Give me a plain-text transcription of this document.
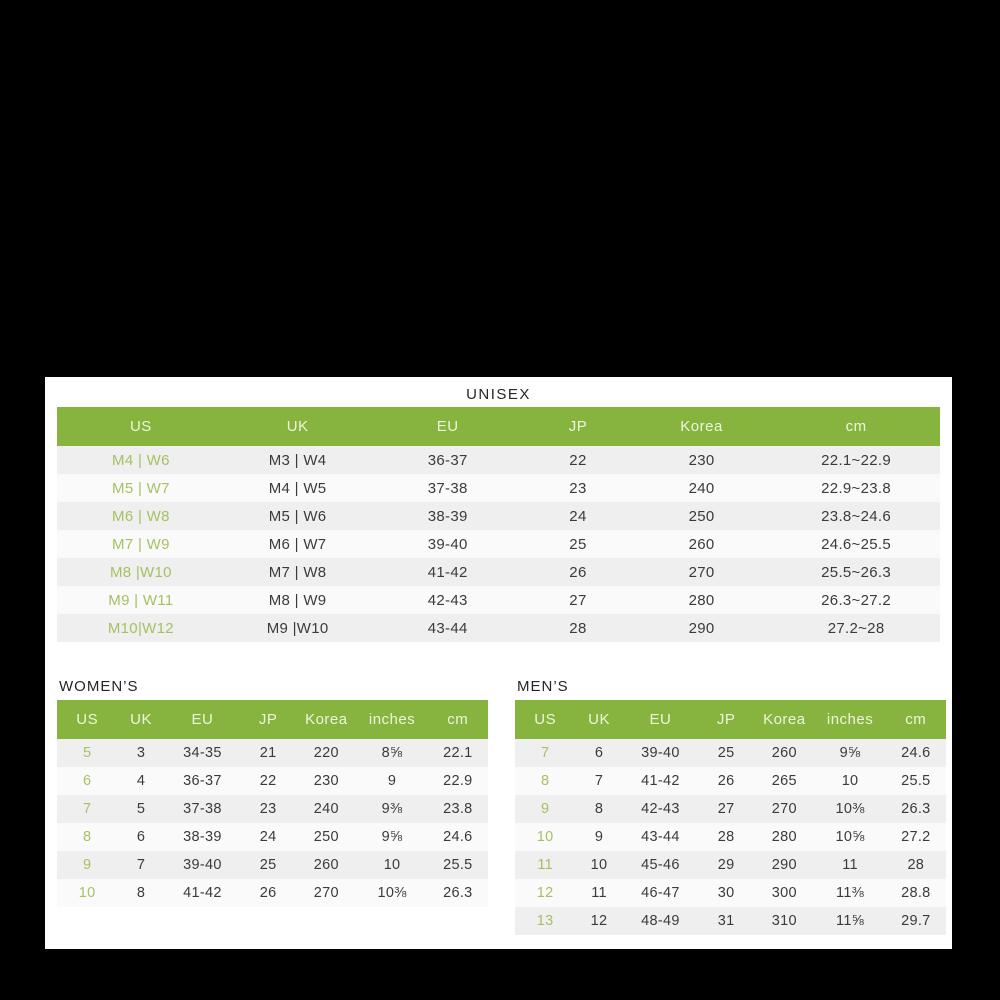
UNISEX
US	UK	EU	JP	Korea	cm
M4 | W6	M3 | W4	36-37	22	230	22.1~22.9
M5 | W7	M4 | W5	37-38	23	240	22.9~23.8
M6 | W8	M5 | W6	38-39	24	250	23.8~24.6
M7 | W9	M6 | W7	39-40	25	260	24.6~25.5
M8 |W10	M7 | W8	41-42	26	270	25.5~26.3
M9 | W11	M8 | W9	42-43	27	280	26.3~27.2
M10|W12	M9 |W10	43-44	28	290	27.2~28
WOMEN’S
US	UK	EU	JP	Korea	inches	cm
5	3	34-35	21	220	8⅝	22.1
6	4	36-37	22	230	9	22.9
7	5	37-38	23	240	9⅜	23.8
8	6	38-39	24	250	9⅝	24.6
9	7	39-40	25	260	10	25.5
10	8	41-42	26	270	10⅜	26.3
MEN’S
US	UK	EU	JP	Korea	inches	cm
7	6	39-40	25	260	9⅝	24.6
8	7	41-42	26	265	10	25.5
9	8	42-43	27	270	10⅜	26.3
10	9	43-44	28	280	10⅝	27.2
11	10	45-46	29	290	11	28
12	11	46-47	30	300	11⅜	28.8
13	12	48-49	31	310	11⅝	29.7
